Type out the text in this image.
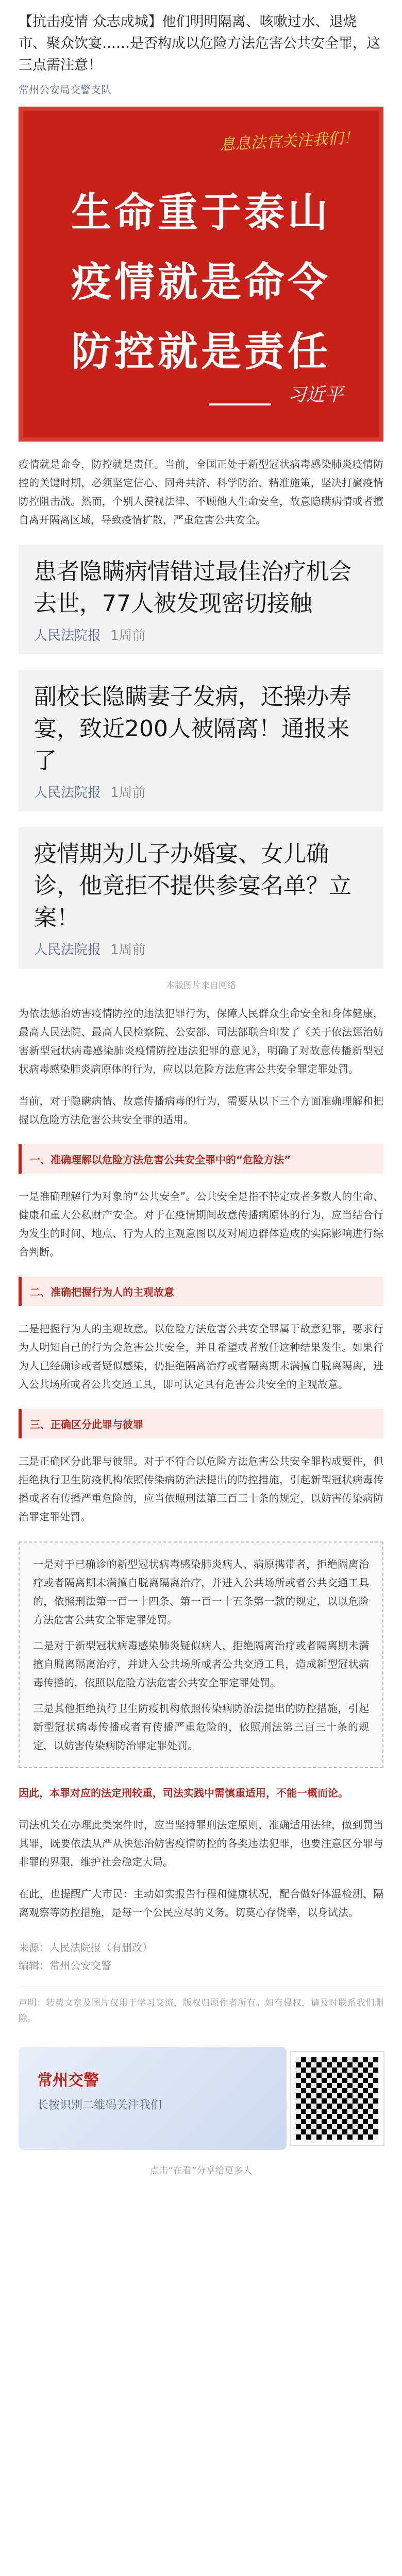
【抗击疫情 众志成城】他们明明隔离、咳嗽过水、退烧市、聚众饮宴……是否构成以危险方法危害公共安全罪，这三点需注意！
常州公安局交警支队
息息法官关注我们！
生命重于泰山
疫情就是命令
防控就是责任
习近平

疫情就是命令，防控就是责任。当前，全国正处于新型冠状病毒感染肺炎疫情防控的关键时期，必须坚定信心、同舟共济、科学防治、精准施策，坚决打赢疫情防控阻击战。然而，个别人漠视法律、不顾他人生命安全，故意隐瞒病情或者擅自离开隔离区域，导致疫情扩散，严重危害公共安全。

患者隐瞒病情错过最佳治疗机会去世，77人被发现密切接触
人民法院报 1周前
副校长隐瞒妻子发病，还操办寿宴，致近200人被隔离！通报来了
人民法院报 1周前
疫情期为儿子办婚宴、女儿确诊，他竟拒不提供参宴名单？立案！
人民法院报 1周前
本版图片来自网络

为依法惩治妨害疫情防控的违法犯罪行为，保障人民群众生命安全和身体健康，最高人民法院、最高人民检察院、公安部、司法部联合印发了《关于依法惩治妨害新型冠状病毒感染肺炎疫情防控违法犯罪的意见》，明确了对故意传播新型冠状病毒感染肺炎病原体的行为，应以以危险方法危害公共安全罪定罪处罚。

当前，对于隐瞒病情、故意传播病毒的行为，需要从以下三个方面准确理解和把握以危险方法危害公共安全罪的适用。

一、准确理解以危险方法危害公共安全罪中的“危险方法”

一是准确理解行为对象的“公共安全”。公共安全是指不特定或者多数人的生命、健康和重大公私财产安全。对于在疫情期间故意传播病原体的行为，应当结合行为发生的时间、地点、行为人的主观意图以及对周边群体造成的实际影响进行综合判断。

二、准确把握行为人的主观故意

二是把握行为人的主观故意。以危险方法危害公共安全罪属于故意犯罪，要求行为人明知自己的行为会危害公共安全，并且希望或者放任这种结果发生。如果行为人已经确诊或者疑似感染，仍拒绝隔离治疗或者隔离期未满擅自脱离隔离，进入公共场所或者公共交通工具，即可认定具有危害公共安全的主观故意。

三、正确区分此罪与彼罪

三是正确区分此罪与彼罪。对于不符合以危险方法危害公共安全罪构成要件，但拒绝执行卫生防疫机构依照传染病防治法提出的防控措施，引起新型冠状病毒传播或者有传播严重危险的，应当依照刑法第三百三十条的规定，以妨害传染病防治罪定罪处罚。

一是对于已确诊的新型冠状病毒感染肺炎病人、病原携带者，拒绝隔离治疗或者隔离期未满擅自脱离隔离治疗，并进入公共场所或者公共交通工具的，依照刑法第一百一十四条、第一百一十五条第一款的规定，以以危险方法危害公共安全罪定罪处罚。

二是对于新型冠状病毒感染肺炎疑似病人，拒绝隔离治疗或者隔离期未满擅自脱离隔离治疗，并进入公共场所或者公共交通工具，造成新型冠状病毒传播的，依照以危险方法危害公共安全罪定罪处罚。

三是其他拒绝执行卫生防疫机构依照传染病防治法提出的防控措施，引起新型冠状病毒传播或者有传播严重危险的，依照刑法第三百三十条的规定，以妨害传染病防治罪定罪处罚。

因此，本罪对应的法定刑较重，司法实践中需慎重适用，不能一概而论。

司法机关在办理此类案件时，应当坚持罪刑法定原则，准确适用法律，做到罚当其罪，既要依法从严从快惩治妨害疫情防控的各类违法犯罪，也要注意区分罪与非罪的界限，维护社会稳定大局。

在此，也提醒广大市民：主动如实报告行程和健康状况，配合做好体温检测、隔离观察等防控措施，是每一个公民应尽的义务。切莫心存侥幸，以身试法。

来源：人民法院报（有删改）
编辑：常州公安交警
声明：转载文章及图片仅用于学习交流，版权归原作者所有。如有侵权，请及时联系我们删除。
常州交警
长按识别二维码关注我们
点击“在看”分享给更多人
